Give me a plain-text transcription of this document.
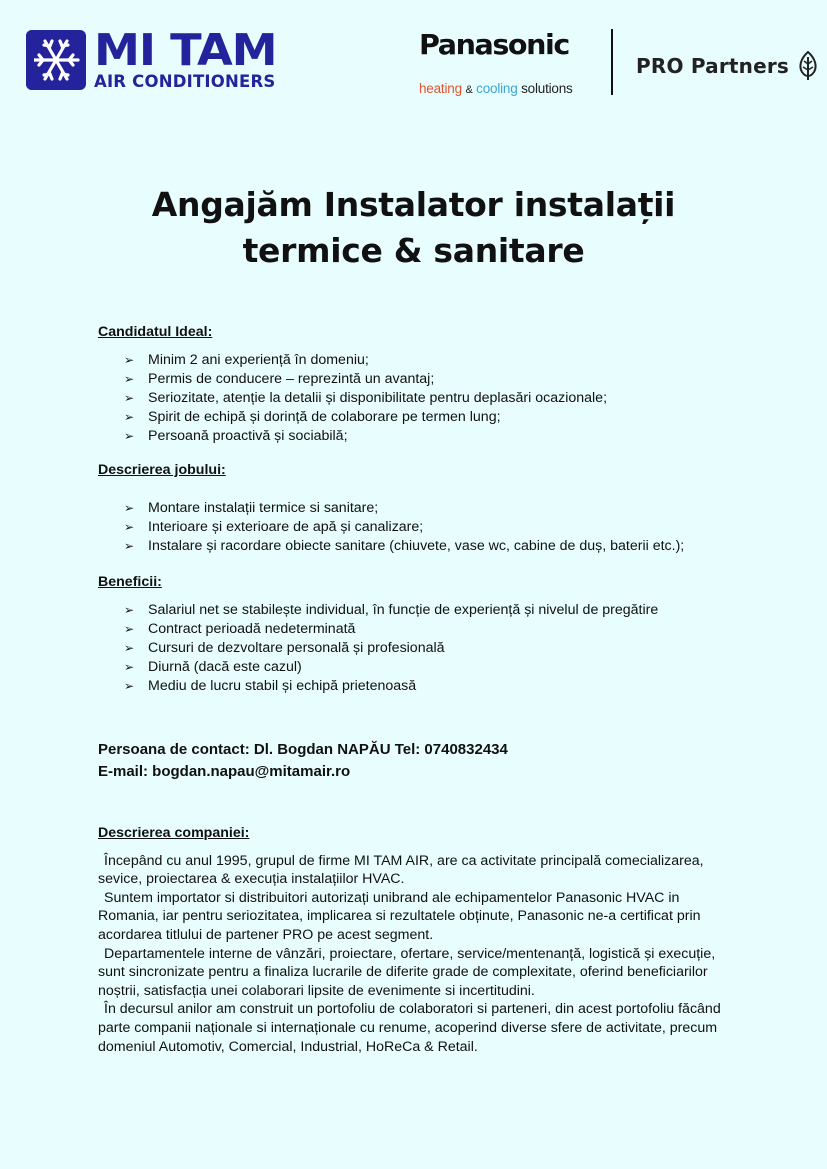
MI TAM
AIR CONDITIONERS
Panasonic
heating & cooling solutions
PRO Partners
Angajăm Instalator instalații
termice & sanitare
Candidatul Ideal:
➢ Minim 2 ani experiență în domeniu;
➢ Permis de conducere – reprezintă un avantaj;
➢ Seriozitate, atenție la detalii și disponibilitate pentru deplasări ocazionale;
➢ Spirit de echipă și dorință de colaborare pe termen lung;
➢ Persoană proactivă și sociabilă;
Descrierea jobului:
➢ Montare instalații termice si sanitare;
➢ Interioare și exterioare de apă și canalizare;
➢ Instalare și racordare obiecte sanitare (chiuvete, vase wc, cabine de duș, baterii etc.);
Beneficii:
➢ Salariul net se stabilește individual, în funcție de experiență și nivelul de pregătire
➢ Contract perioadă nedeterminată
➢ Cursuri de dezvoltare personală și profesională
➢ Diurnă (dacă este cazul)
➢ Mediu de lucru stabil și echipă prietenoasă
Persoana de contact: Dl. Bogdan NAPĂU Tel: 0740832434
E-mail: bogdan.napau@mitamair.ro
Descrierea companiei:

Începând cu anul 1995, grupul de firme MI TAM AIR, are ca activitate principală comecializarea, sevice, proiectarea & execuția instalațiilor HVAC.

Suntem importator si distribuitori autorizați unibrand ale echipamentelor Panasonic HVAC in Romania, iar pentru seriozitatea, implicarea si rezultatele obținute, Panasonic ne-a certificat prin acordarea titlului de partener PRO pe acest segment.

Departamentele interne de vânzări, proiectare, ofertare, service/mentenanță, logistică și execuție, sunt sincronizate pentru a finaliza lucrarile de diferite grade de complexitate, oferind beneficiarilor noștrii, satisfacția unei colaborari lipsite de evenimente si incertitudini.

În decursul anilor am construit un portofoliu de colaboratori si parteneri, din acest portofoliu făcând parte companii naționale si internaționale cu renume, acoperind diverse sfere de activitate, precum domeniul Automotiv, Comercial, Industrial, HoReCa & Retail.
